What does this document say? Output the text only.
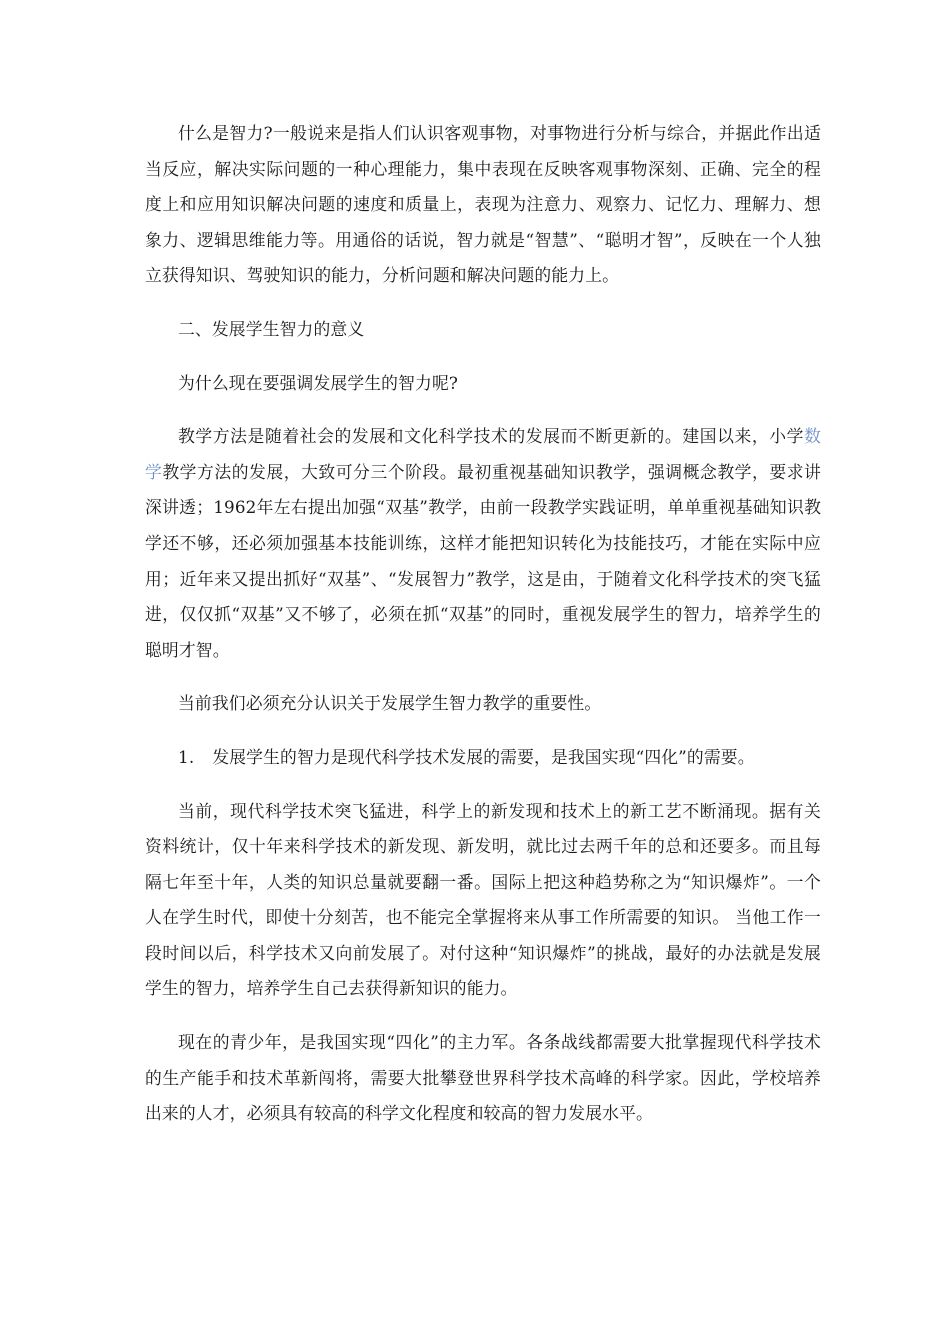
什么是智力?一般说来是指人们认识客观事物，对事物进行分析与综合，并据此作出适当反应，解决实际问题的一种心理能力，集中表现在反映客观事物深刻、正确、完全的程度上和应用知识解决问题的速度和质量上，表现为注意力、观察力、记忆力、理解力、想象力、逻辑思维能力等。用通俗的话说，智力就是“智慧”、“聪明才智”，反映在一个人独立获得知识、驾驶知识的能力，分析问题和解决问题的能力上。

二、发展学生智力的意义

为什么现在要强调发展学生的智力呢?

教学方法是随着社会的发展和文化科学技术的发展而不断更新的。建国以来，小学数学教学方法的发展，大致可分三个阶段。最初重视基础知识教学，强调概念教学，要求讲深讲透；1962年左右提出加强“双基”教学，由前一段教学实践证明，单单重视基础知识教学还不够，还必须加强基本技能训练，这样才能把知识转化为技能技巧，才能在实际中应用；近年来又提出抓好“双基”、“发展智力”教学，这是由，于随着文化科学技术的突飞猛进，仅仅抓“双基”又不够了，必须在抓“双基”的同时，重视发展学生的智力，培养学生的聪明才智。

当前我们必须充分认识关于发展学生智力教学的重要性。

1. 发展学生的智力是现代科学技术发展的需要，是我国实现“四化”的需要。

当前，现代科学技术突飞猛进，科学上的新发现和技术上的新工艺不断涌现。据有关资料统计，仅十年来科学技术的新发现、新发明，就比过去两千年的总和还要多。而且每隔七年至十年，人类的知识总量就要翻一番。国际上把这种趋势称之为“知识爆炸”。一个人在学生时代，即使十分刻苦，也不能完全掌握将来从事工作所需要的知识。 当他工作一段时间以后，科学技术又向前发展了。对付这种“知识爆炸”的挑战，最好的办法就是发展学生的智力，培养学生自己去获得新知识的能力。

现在的青少年，是我国实现“四化”的主力军。各条战线都需要大批掌握现代科学技术的生产能手和技术革新闯将，需要大批攀登世界科学技术高峰的科学家。因此，学校培养出来的人才，必须具有较高的科学文化程度和较高的智力发展水平。
